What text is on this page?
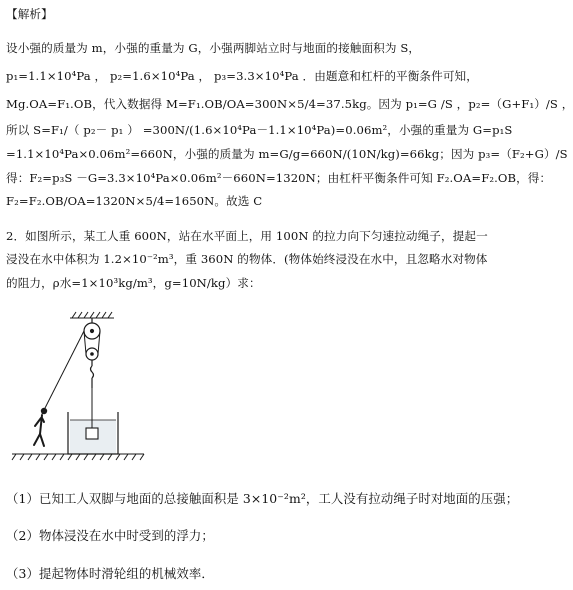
【解析】
设小强的质量为 m，小强的重量为 G，小强两脚站立时与地面的接触面积为 S，
p₁=1.1×10⁴Pa ， p₂=1.6×10⁴Pa ， p₃=3.3×10⁴Pa ．由题意和杠杆的平衡条件可知，
Mg.OA=F₁.OB，代入数据得 M=F₁.OB/OA=300N×5/4=37.5kg。因为 p₁=G /S ，p₂=（G+F₁）/S ，
所以 S=F₁/（ p₂－ p₁ ） =300N/(1.6×10⁴Pa－1.1×10⁴Pa)=0.06m²，小强的重量为 G=p₁S
=1.1×10⁴Pa×0.06m²=660N，小强的质量为 m=G/g=660N/(10N/kg)=66kg；因为 p₃=（F₂+G）/S
得：F₂=p₃S －G=3.3×10⁴Pa×0.06m²－660N=1320N；由杠杆平衡条件可知 F₂.OA=F₂.OB，得：
F₂=F₂.OB/OA=1320N×5/4=1650N。故选 C
2．如图所示，某工人重 600N，站在水平面上，用 100N 的拉力向下匀速拉动绳子，提起一
浸没在水中体积为 1.2×10⁻²m³，重 360N 的物体．(物体始终浸没在水中，且忽略水对物体
的阻力，ρ水=1×10³kg/m³，g=10N/kg）求：
（1）已知工人双脚与地面的总接触面积是 3×10⁻²m²，工人没有拉动绳子时对地面的压强；
（2）物体浸没在水中时受到的浮力；
（3）提起物体时滑轮组的机械效率．
